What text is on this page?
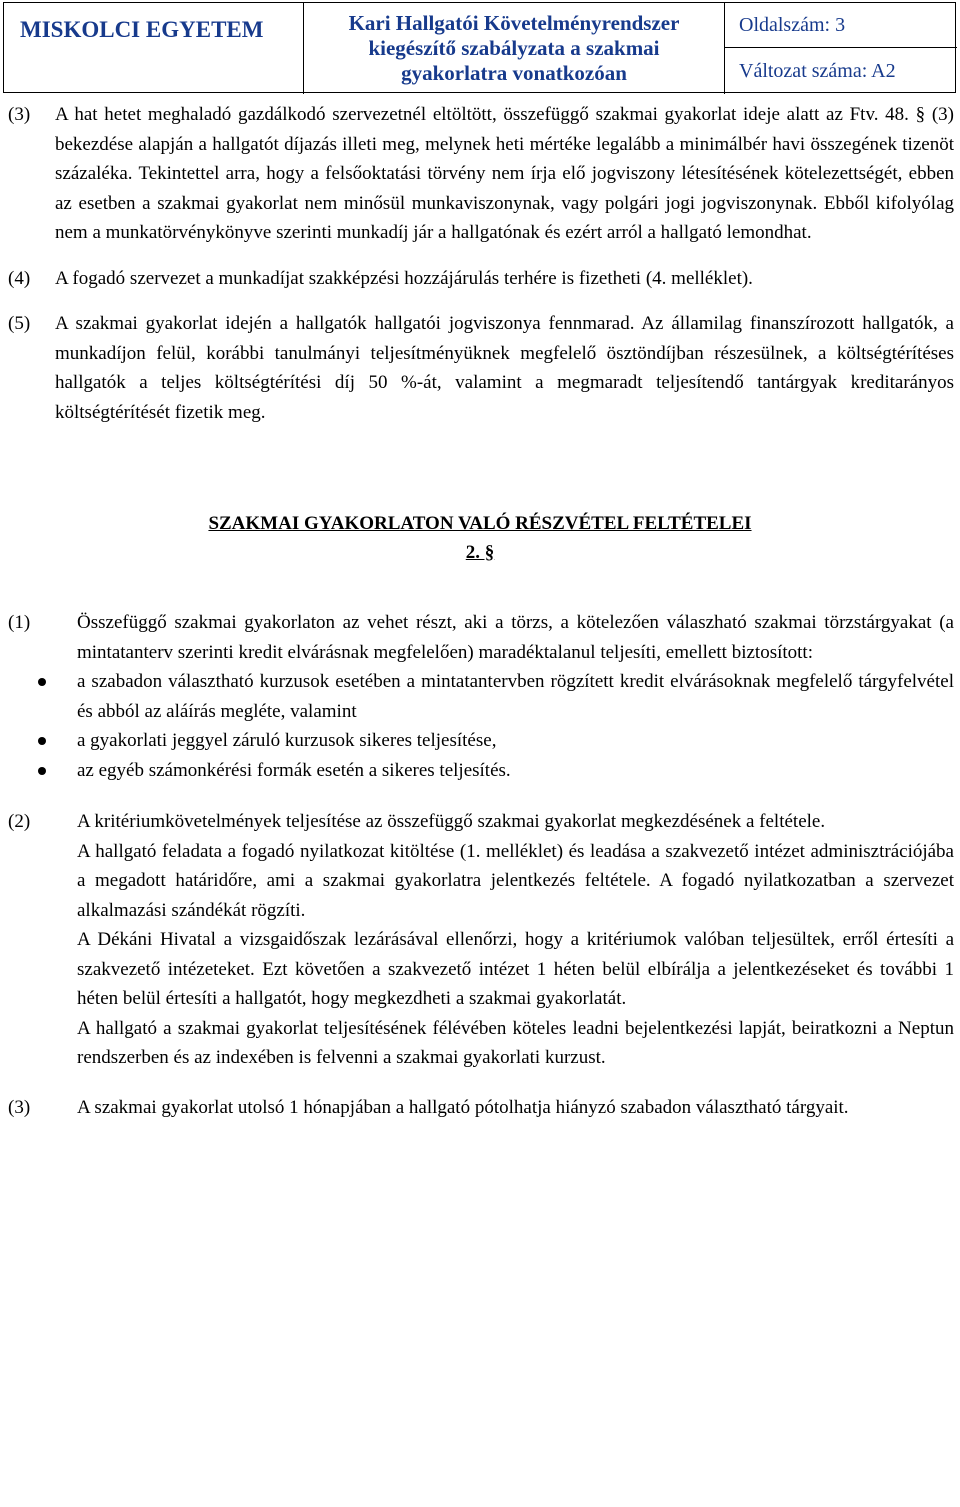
MISKOLCI EGYETEM	Kari Hallgatói Követelményrendszer
kiegészítő szabályzata a szakmai
gyakorlatra vonatkozóan
Oldalszám: 3
Változat száma: A2
(3) A hat hetet meghaladó gazdálkodó szervezetnél eltöltött, összefüggő szakmai gyakorlat ideje alatt az Ftv. 48. § (3) bekezdése alapján a hallgatót díjazás illeti meg, melynek heti mértéke legalább a minimálbér havi összegének tizenöt százaléka. Tekintettel arra, hogy a felsőoktatási törvény nem írja elő jogviszony létesítésének kötelezettségét, ebben az esetben a szakmai gyakorlat nem minősül munkaviszonynak, vagy polgári jogi jogviszonynak. Ebből kifolyólag nem a munkatörvénykönyve szerinti munkadíj jár a hallgatónak és ezért arról a hallgató lemondhat.

(4) A fogadó szervezet a munkadíjat szakképzési hozzájárulás terhére is fizetheti (4. melléklet).

(5) A szakmai gyakorlat idején a hallgatók hallgatói jogviszonya fennmarad. Az államilag finanszírozott hallgatók, a munkadíjon felül, korábbi tanulmányi teljesítményüknek megfelelő ösztöndíjban részesülnek, a költségtérítéses hallgatók a teljes költségtérítési díj 50 %-át, valamint a megmaradt teljesítendő tantárgyak kreditarányos költségtérítését fizetik meg.

SZAKMAI GYAKORLATON VALÓ RÉSZVÉTEL FELTÉTELEI
2. §
(1) Összefüggő szakmai gyakorlaton az vehet részt, aki a törzs, a kötelezően válaszható szakmai törzstárgyakat (a mintatanterv szerinti kredit elvárásnak megfelelően) maradéktalanul teljesíti, emellett biztosított:

a szabadon választható kurzusok esetében a mintatantervben rögzített kredit elvárásoknak megfelelő tárgyfelvétel és abból az aláírás megléte, valamint
a gyakorlati jeggyel záruló kurzusok sikeres teljesítése,
az egyéb számonkérési formák esetén a sikeres teljesítés.
(2) A kritériumkövetelmények teljesítése az összefüggő szakmai gyakorlat megkezdésének a feltétele.

A hallgató feladata a fogadó nyilatkozat kitöltése (1. melléklet) és leadása a szakvezető intézet adminisztrációjába a megadott határidőre, ami a szakmai gyakorlatra jelentkezés feltétele. A fogadó nyilatkozatban a szervezet alkalmazási szándékát rögzíti.

A Dékáni Hivatal a vizsgaidőszak lezárásával ellenőrzi, hogy a kritériumok valóban teljesültek, erről értesíti a szakvezető intézeteket. Ezt követően a szakvezető intézet 1 héten belül elbírálja a jelentkezéseket és további 1 héten belül értesíti a hallgatót, hogy megkezdheti a szakmai gyakorlatát.

A hallgató a szakmai gyakorlat teljesítésének félévében köteles leadni bejelentkezési lapját, beiratkozni a Neptun rendszerben és az indexében is felvenni a szakmai gyakorlati kurzust.

(3) A szakmai gyakorlat utolsó 1 hónapjában a hallgató pótolhatja hiányzó szabadon választható tárgyait.
